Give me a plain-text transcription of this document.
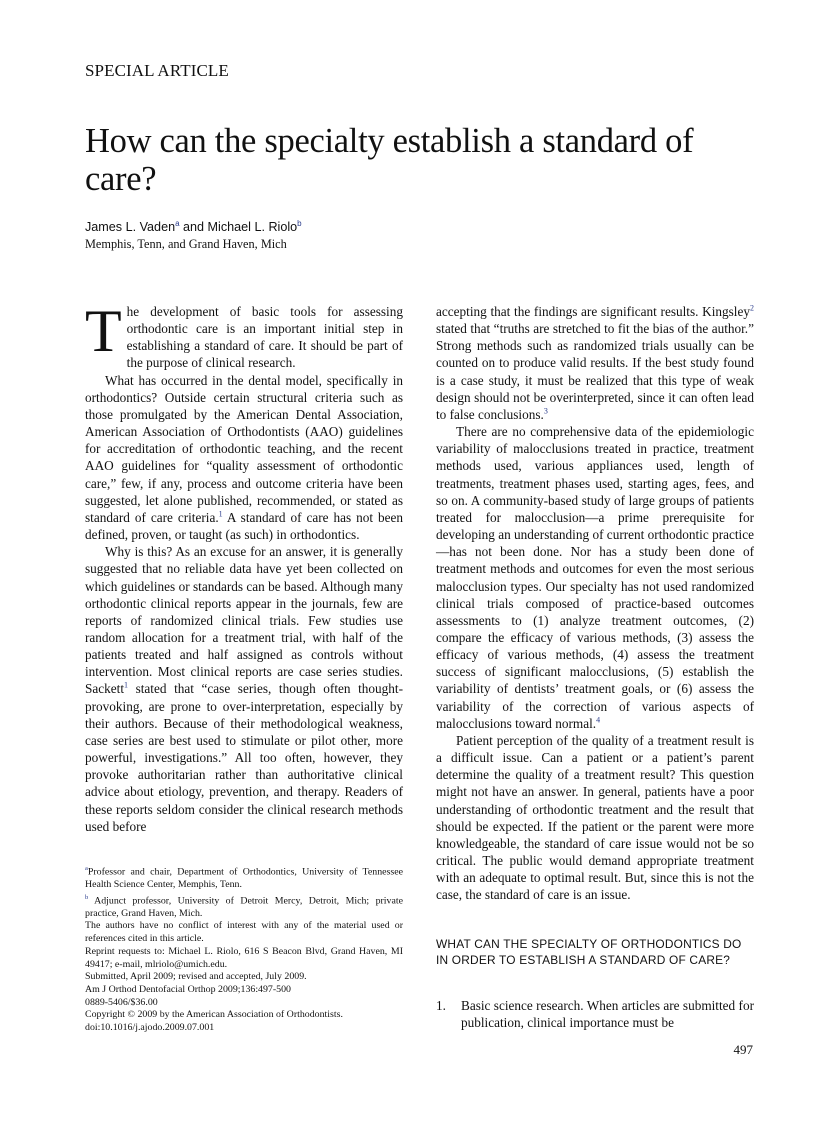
SPECIAL ARTICLE
How can the specialty establish a standard of care?
James L. Vaden$^a$ and Michael L. Riolo$^b$
Memphis, Tenn, and Grand Haven, Mich

The development of basic tools for assessing orthodontic care is an important initial step in establishing a standard of care. It should be part of the purpose of clinical research.

What has occurred in the dental model, specifically in orthodontics? Outside certain structural criteria such as those promulgated by the American Dental Association, American Association of Orthodontists (AAO) guidelines for accreditation of orthodontic teaching, and the recent AAO guidelines for “quality assessment of orthodontic care,” few, if any, process and outcome criteria have been suggested, let alone published, recommended, or stated as standard of care criteria.$^1$ A standard of care has not been defined, proven, or taught (as such) in orthodontics.

Why is this? As an excuse for an answer, it is generally suggested that no reliable data have yet been collected on which guidelines or standards can be based. Although many orthodontic clinical reports appear in the journals, few are reports of randomized clinical trials. Few studies use random allocation for a treatment trial, with half of the patients treated and half assigned as controls without intervention. Most clinical reports are case series studies. Sackett$^1$ stated that “case series, though often thought-provoking, are prone to over-interpretation, especially by their authors. Because of their methodological weakness, case series are best used to stimulate or pilot other, more powerful, investigations.” All too often, however, they provoke authoritarian rather than authoritative clinical advice about etiology, prevention, and therapy. Readers of these reports seldom consider the clinical research methods used before

accepting that the findings are significant results. Kingsley$^2$ stated that “truths are stretched to fit the bias of the author.” Strong methods such as randomized trials usually can be counted on to produce valid results. If the best study found is a case study, it must be realized that this type of weak design should not be overinterpreted, since it can often lead to false conclusions.$^3$

There are no comprehensive data of the epidemiologic variability of malocclusions treated in practice, treatment methods used, various appliances used, length of treatments, treatment phases used, starting ages, fees, and so on. A community-based study of large groups of patients treated for malocclusion—a prime prerequisite for developing an understanding of current orthodontic practice—has not been done. Nor has a study been done of treatment methods and outcomes for even the most serious malocclusion types. Our specialty has not used randomized clinical trials composed of practice-based outcomes assessments to (1) analyze treatment outcomes, (2) compare the efficacy of various methods, (3) assess the efficacy of various methods, (4) assess the treatment success of significant malocclusions, (5) establish the variability of dentists’ treatment goals, or (6) assess the variability of the correction of various aspects of malocclusions toward normal.$^4$

Patient perception of the quality of a treatment result is a difficult issue. Can a patient or a patient’s parent determine the quality of a treatment result? This question might not have an answer. In general, patients have a poor understanding of orthodontic treatment and the result that should be expected. If the patient or the parent were more knowledgeable, the standard of care issue would not be so critical. The public would demand appropriate treatment with an adequate to optimal result. But, since this is not the case, the standard of care is an issue.

$^a$Professor and chair, Department of Orthodontics, University of Tennessee Health Science Center, Memphis, Tenn.
$^b$ Adjunct professor, University of Detroit Mercy, Detroit, Mich; private practice, Grand Haven, Mich.
The authors have no conflict of interest with any of the material used or references cited in this article.
Reprint requests to: Michael L. Riolo, 616 S Beacon Blvd, Grand Haven, MI 49417; e-mail, mlriolo@umich.edu.
Submitted, April 2009; revised and accepted, July 2009.
Am J Orthod Dentofacial Orthop 2009;136:497-500
0889-5406/$36.00
Copyright © 2009 by the American Association of Orthodontists.
doi:10.1016/j.ajodo.2009.07.001
WHAT CAN THE SPECIALTY OF ORTHODONTICS DO IN ORDER TO ESTABLISH A STANDARD OF CARE?
1. Basic science research. When articles are submitted for publication, clinical importance must be
497
